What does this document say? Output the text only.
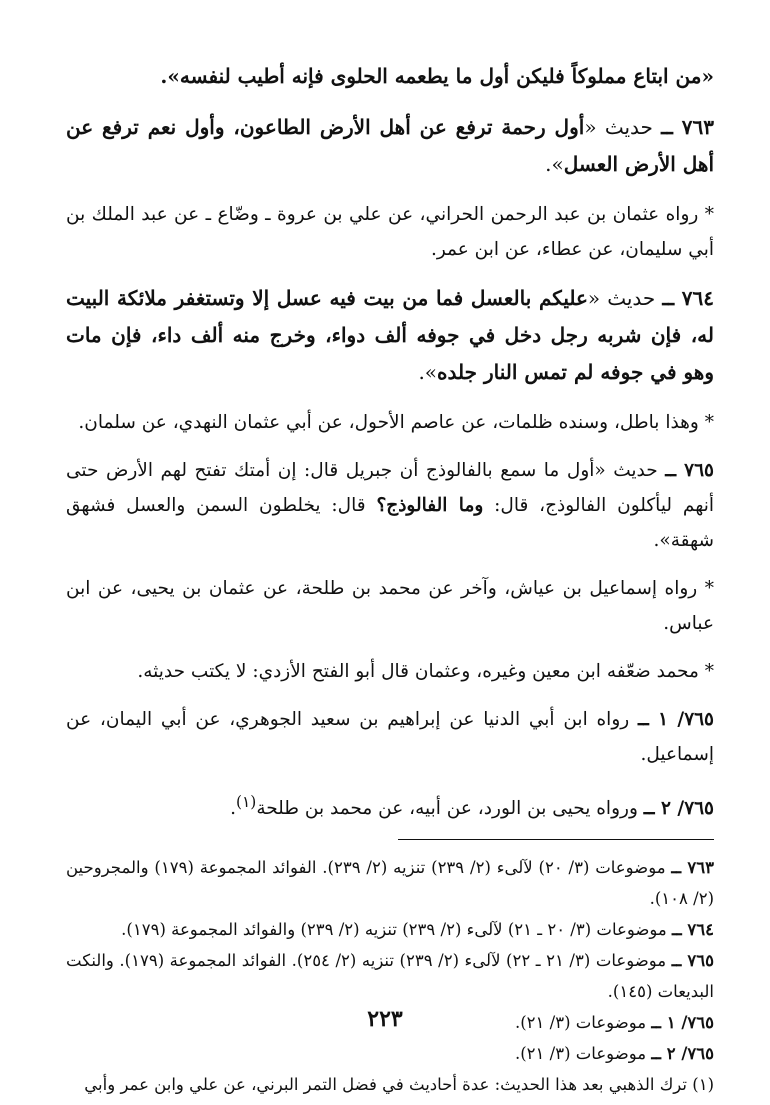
«من ابتاع مملوكاً فليكن أول ما يطعمه الحلوى فإنه أطيب لنفسه».

٧٦٣ ــ حديث «أول رحمة ترفع عن أهل الأرض الطاعون، وأول نعم ترفع عن أهل الأرض العسل».

* رواه عثمان بن عبد الرحمن الحراني، عن علي بن عروة ـ وضّاع ـ عن عبد الملك بن أبي سليمان، عن عطاء، عن ابن عمر.

٧٦٤ ــ حديث «عليكم بالعسل فما من بيت فيه عسل إلا وتستغفر ملائكة البيت له، فإن شربه رجل دخل في جوفه ألف دواء، وخرج منه ألف داء، فإن مات وهو في جوفه لم تمس النار جلده».

* وهذا باطل، وسنده ظلمات، عن عاصم الأحول، عن أبي عثمان النهدي، عن سلمان.

٧٦٥ ــ حديث «أول ما سمع بالفالوذج أن جبريل قال: إن أمتك تفتح لهم الأرض حتى أنهم ليأكلون الفالوذج، قال: وما الفالوذج؟ قال: يخلطون السمن والعسل فشهق شهقة».

* رواه إسماعيل بن عياش، وآخر عن محمد بن طلحة، عن عثمان بن يحيى، عن ابن عباس.

* محمد ضعّفه ابن معين وغيره، وعثمان قال أبو الفتح الأزدي: لا يكتب حديثه.

٧٦٥/ ١ ــ رواه ابن أبي الدنيا عن إبراهيم بن سعيد الجوهري، عن أبي اليمان، عن إسماعيل.

٧٦٥/ ٢ ــ ورواه يحيى بن الورد، عن أبيه، عن محمد بن طلحة$^{(١)}$.

٧٦٣ ــ موضوعات (٣/ ٢٠) لآلىء (٢/ ٢٣٩) تنزيه (٢/ ٢٣٩). الفوائد المجموعة (١٧٩) والمجروحين (٢/ ١٠٨).

٧٦٤ ــ موضوعات (٣/ ٢٠ ـ ٢١) لآلىء (٢/ ٢٣٩) تنزيه (٢/ ٢٣٩) والفوائد المجموعة (١٧٩).

٧٦٥ ــ موضوعات (٣/ ٢١ ـ ٢٢) لآلىء (٢/ ٢٣٩) تنزيه (٢/ ٢٥٤). الفوائد المجموعة (١٧٩). والنكت البديعات (١٤٥).

٧٦٥/ ١ ــ موضوعات (٣/ ٢١).

٧٦٥/ ٢ ــ موضوعات (٣/ ٢١).

(١) ترك الذهبي بعد هذا الحديث: عدة أحاديث في فضل التمر البرني، عن علي وابن عمر وأبي

٢٢٣
